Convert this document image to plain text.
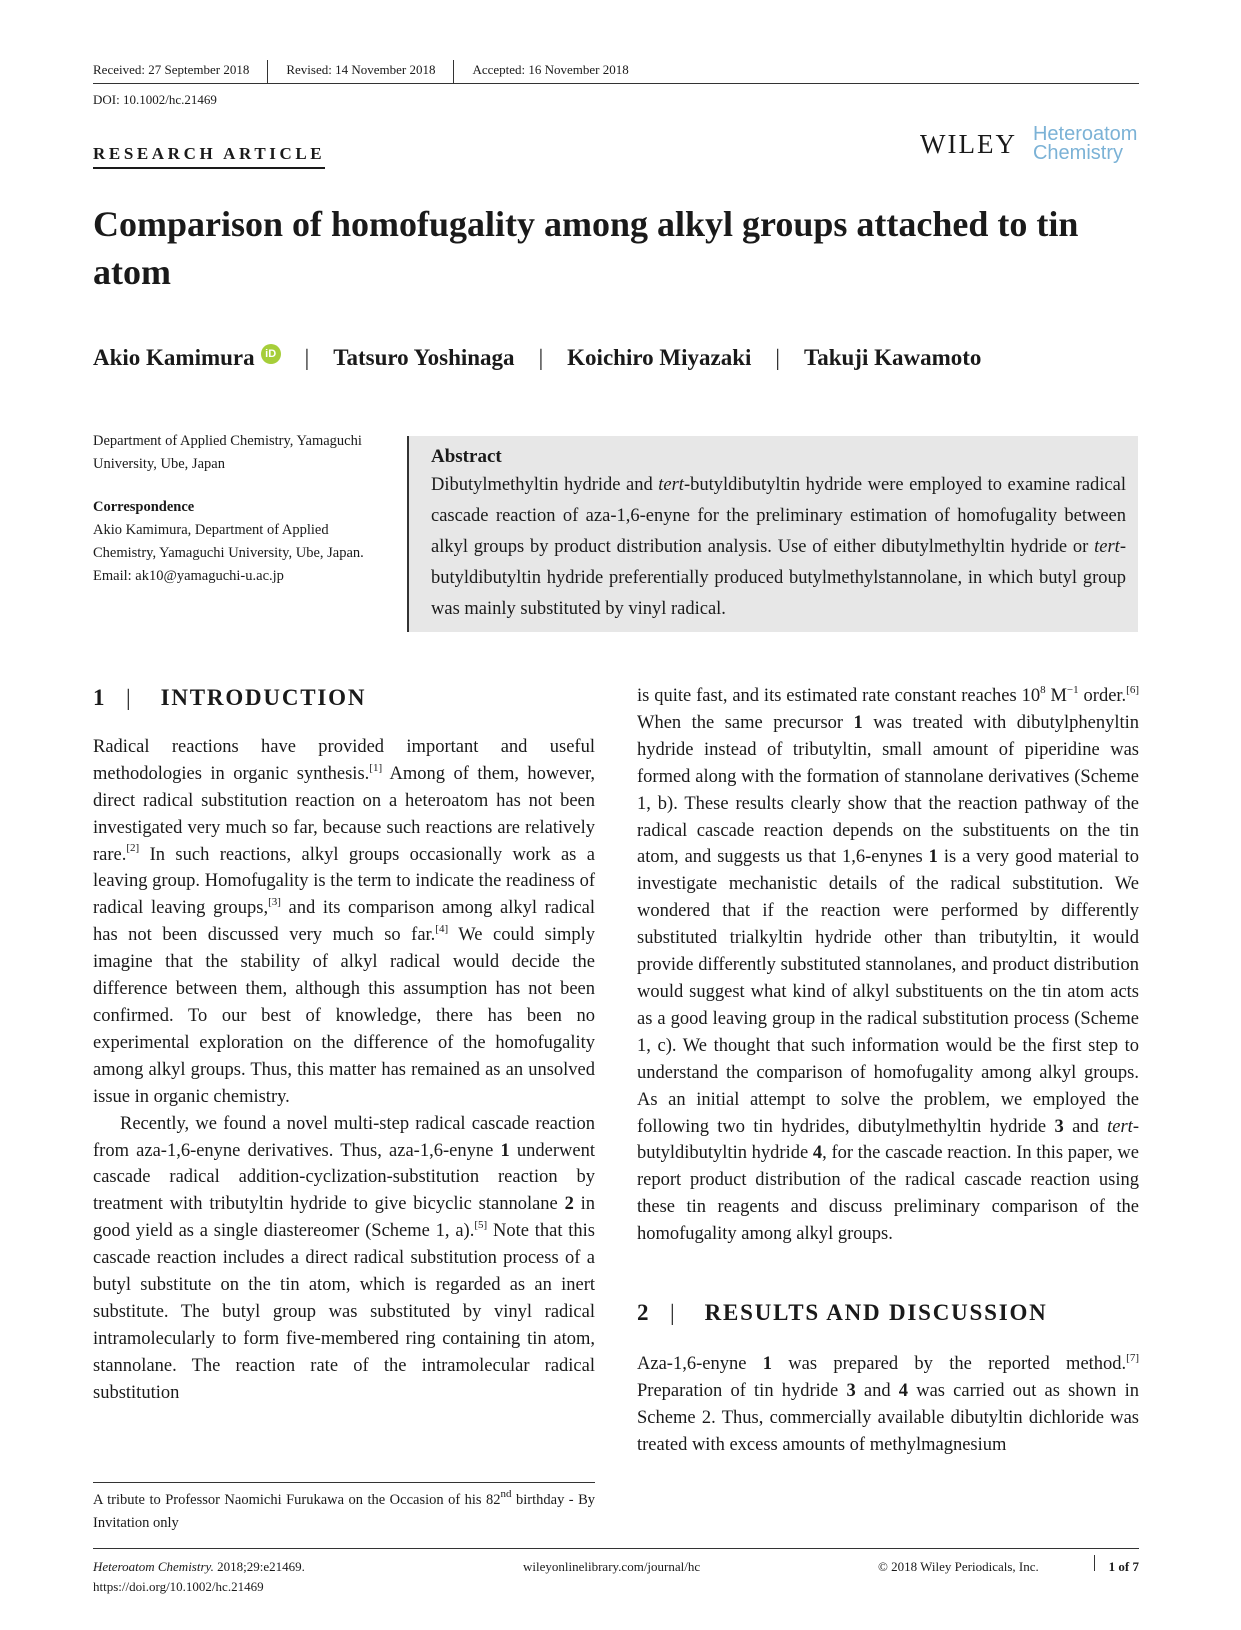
Received: 27 September 2018	Revised: 14 November 2018	Accepted: 16 November 2018
DOI: 10.1002/hc.21469
RESEARCH ARTICLE	WILEY Heteroatom
Chemistry
Comparison of homofugality among alkyl groups attached to tin atom
Akio Kamimura iD | Tatsuro Yoshinaga | Koichiro Miyazaki | Takuji Kawamoto
Department of Applied Chemistry, Yamaguchi University, Ube, Japan
Correspondence
Akio Kamimura, Department of Applied Chemistry, Yamaguchi University, Ube, Japan.
Email: ak10@yamaguchi-u.ac.jp
Abstract

Dibutylmethyltin hydride and tert-butyldibutyltin hydride were employed to examine radical cascade reaction of aza-1,6-enyne for the preliminary estimation of homofugality between alkyl groups by product distribution analysis. Use of either dibutylmethyltin hydride or tert-butyldibutyltin hydride preferentially produced butylmethylstannolane, in which butyl group was mainly substituted by vinyl radical.

1 | INTRODUCTION

Radical reactions have provided important and useful methodologies in organic synthesis.[1] Among of them, however, direct radical substitution reaction on a heteroatom has not been investigated very much so far, because such reactions are relatively rare.[2] In such reactions, alkyl groups occasionally work as a leaving group. Homofugality is the term to indicate the readiness of radical leaving groups,[3] and its comparison among alkyl radical has not been discussed very much so far.[4] We could simply imagine that the stability of alkyl radical would decide the difference between them, although this assumption has not been confirmed. To our best of knowledge, there has been no experimental exploration on the difference of the homofugality among alkyl groups. Thus, this matter has remained as an unsolved issue in organic chemistry.

Recently, we found a novel multi-step radical cascade reaction from aza-1,6-enyne derivatives. Thus, aza-1,6-enyne 1 underwent cascade radical addition-cyclization-substitution reaction by treatment with tributyltin hydride to give bicyclic stannolane 2 in good yield as a single diastereomer (Scheme 1, a).[5] Note that this cascade reaction includes a direct radical substitution process of a butyl substitute on the tin atom, which is regarded as an inert substitute. The butyl group was substituted by vinyl radical intramolecularly to form five-membered ring containing tin atom, stannolane. The reaction rate of the intramolecular radical substitution

is quite fast, and its estimated rate constant reaches $10^8$ $M^{-1}$ order.[6] When the same precursor 1 was treated with dibutylphenyltin hydride instead of tributyltin, small amount of piperidine was formed along with the formation of stannolane derivatives (Scheme 1, b). These results clearly show that the reaction pathway of the radical cascade reaction depends on the substituents on the tin atom, and suggests us that 1,6-enynes 1 is a very good material to investigate mechanistic details of the radical substitution. We wondered that if the reaction were performed by differently substituted trialkyltin hydride other than tributyltin, it would provide differently substituted stannolanes, and product distribution would suggest what kind of alkyl substituents on the tin atom acts as a good leaving group in the radical substitution process (Scheme 1, c). We thought that such information would be the first step to understand the comparison of homofugality among alkyl groups. As an initial attempt to solve the problem, we employed the following two tin hydrides, dibutylmethyltin hydride 3 and tert-butyldibutyltin hydride 4, for the cascade reaction. In this paper, we report product distribution of the radical cascade reaction using these tin reagents and discuss preliminary comparison of the homofugality among alkyl groups.

2 | RESULTS AND DISCUSSION

Aza-1,6-enyne 1 was prepared by the reported method.[7] Preparation of tin hydride 3 and 4 was carried out as shown in Scheme 2. Thus, commercially available dibutyltin dichloride was treated with excess amounts of methylmagnesium

A tribute to Professor Naomichi Furukawa on the Occasion of his 82nd birthday - By Invitation only
Heteroatom Chemistry. 2018;29:e21469.
https://doi.org/10.1002/hc.21469
wileyonlinelibrary.com/journal/hc	© 2018 Wiley Periodicals, Inc.	1 of 7
